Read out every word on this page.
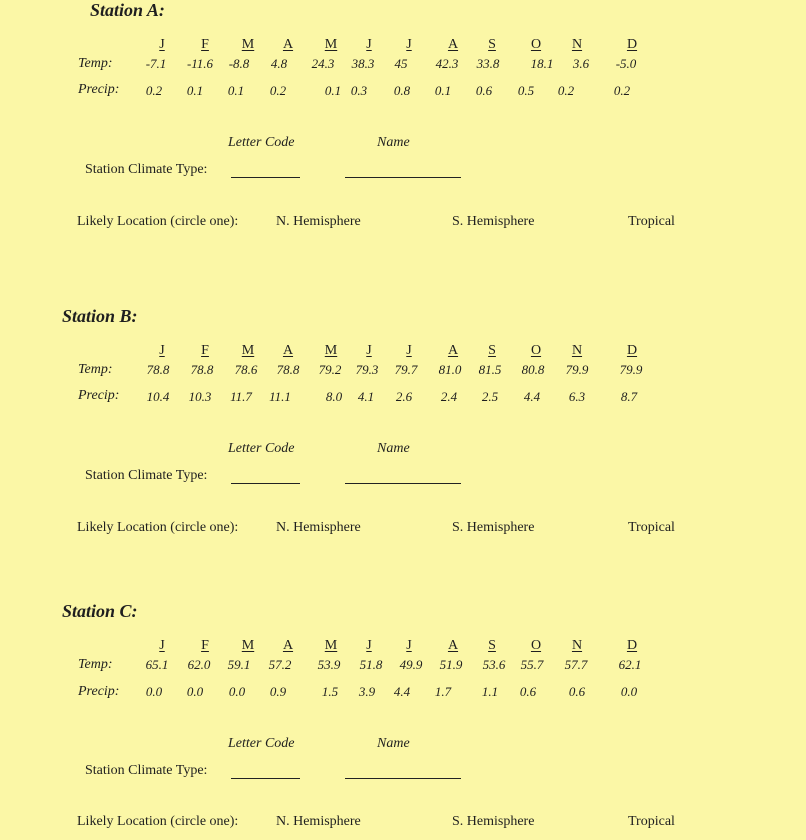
Station A:
J	F M A M J J	A S	O N	D
Temp:	-7.1 -11.6 -8.8 4.8 24.3 38.3 45 42.3 33.8 18.1 3.6 -5.0
Precip: 0.2 0.1 0.1 0.2	0.1 0.3 0.8 0.1 0.6 0.5 0.2	0.2
Letter Code	Name
Station Climate Type:
Likely Location (circle one):	N. Hemisphere	S. Hemisphere	Tropical
Station B:
J	F M A M J J	A S	O N	D
Temp:	78.8 78.8 78.6 78.8 79.2 79.3 79.7 81.0 81.5 80.8 79.9 79.9
Precip: 10.4 10.3 11.7 11.1	8.0 4.1 2.6 2.4 2.5 4.4 6.3	8.7
Letter Code	Name
Station Climate Type:
Likely Location (circle one):	N. Hemisphere	S. Hemisphere	Tropical
Station C:
J	F M A M J J	A S	O N	D
Temp:	65.1 62.0 59.1 57.2 53.9 51.8 49.9 51.9 53.6 55.7 57.7 62.1
Precip: 0.0 0.0 0.0 0.9	1.5 3.9 4.4 1.7 1.1 0.6	0.6	0.0
Letter Code	Name
Station Climate Type:
Likely Location (circle one):	N. Hemisphere	S. Hemisphere	Tropical
